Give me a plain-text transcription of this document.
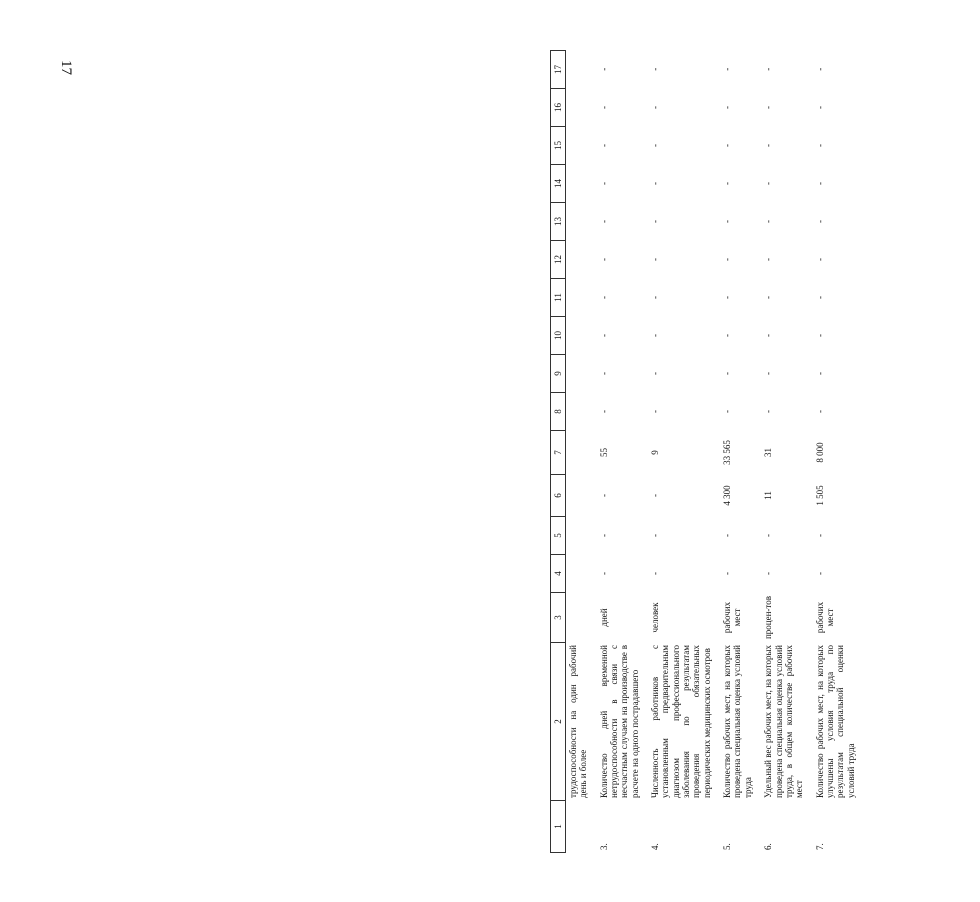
17
1	2	3	4	5	6	7	8	9	10	11	12	13	14	15	16	17
	трудоспособности на один рабочий день и более															
3.	Количество дней временной нетрудоспособности в связи с несчастным случаем на производстве в расчете на одного пострадавшего	дней	-	-	-	55	-	-	-	-	-	-	-	-	-	-
4.	Численность работников с установленным предварительным диагнозом профессионального заболевания по результатам проведения обязательных периодических медицинских осмотров	человек	-	-	-	9	-	-	-	-	-	-	-	-	-	-
5.	Количество рабочих мест, на которых проведена специальная оценка условий труда	рабочих мест	-	-	4 300	33 565	-	-	-	-	-	-	-	-	-	-
6.	Удельный вес рабочих мест, на которых проведена специальная оценка условий труда, в общем количестве рабочих мест	процен-тов	-	-	11	31	-	-	-	-	-	-	-	-	-	-
7.	Количество рабочих мест, на которых улучшены условия труда по результатам специальной оценки условий труда	рабочих мест	-	-	1 505	8 000	-	-	-	-	-	-	-	-	-	-
